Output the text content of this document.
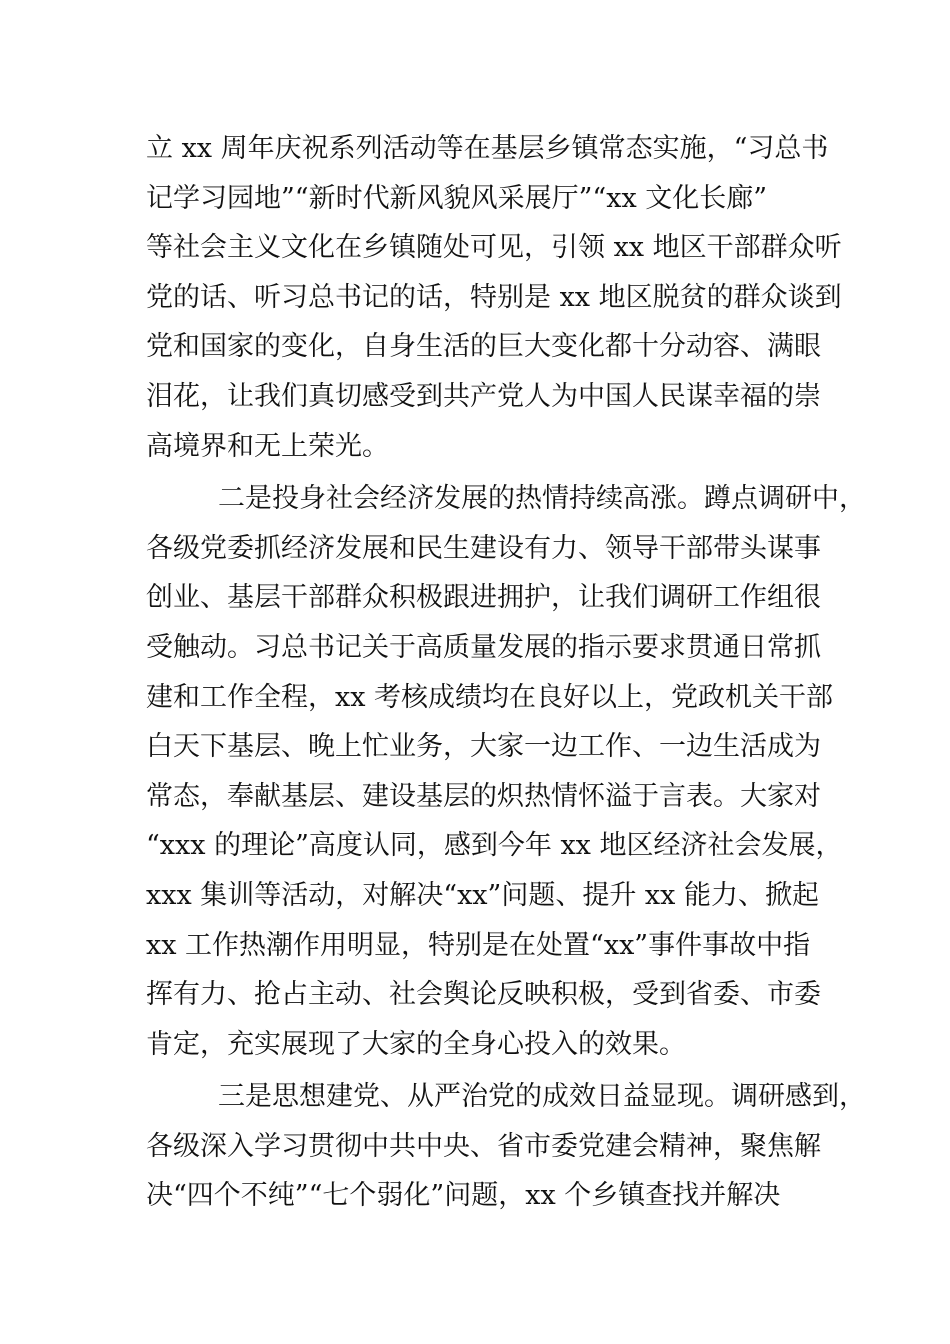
立 xx 周年庆祝系列活动等在基层乡镇常态实施，“习总书
记学习园地”“新时代新风貌风采展厅”“xx 文化长廊”
等社会主义文化在乡镇随处可见，引领 xx 地区干部群众听
党的话、听习总书记的话，特别是 xx 地区脱贫的群众谈到
党和国家的变化，自身生活的巨大变化都十分动容、满眼
泪花，让我们真切感受到共产党人为中国人民谋幸福的崇
高境界和无上荣光。
二是投身社会经济发展的热情持续高涨。蹲点调研中，
各级党委抓经济发展和民生建设有力、领导干部带头谋事
创业、基层干部群众积极跟进拥护，让我们调研工作组很
受触动。习总书记关于高质量发展的指示要求贯通日常抓
建和工作全程，xx 考核成绩均在良好以上，党政机关干部
白天下基层、晚上忙业务，大家一边工作、一边生活成为
常态，奉献基层、建设基层的炽热情怀溢于言表。大家对
“xxx 的理论”高度认同，感到今年 xx 地区经济社会发展，
xxx 集训等活动，对解决“xx”问题、提升 xx 能力、掀起
xx 工作热潮作用明显，特别是在处置“xx”事件事故中指
挥有力、抢占主动、社会舆论反映积极，受到省委、市委
肯定，充实展现了大家的全身心投入的效果。
三是思想建党、从严治党的成效日益显现。调研感到，
各级深入学习贯彻中共中央、省市委党建会精神，聚焦解
决“四个不纯”“七个弱化”问题，xx 个乡镇查找并解决
